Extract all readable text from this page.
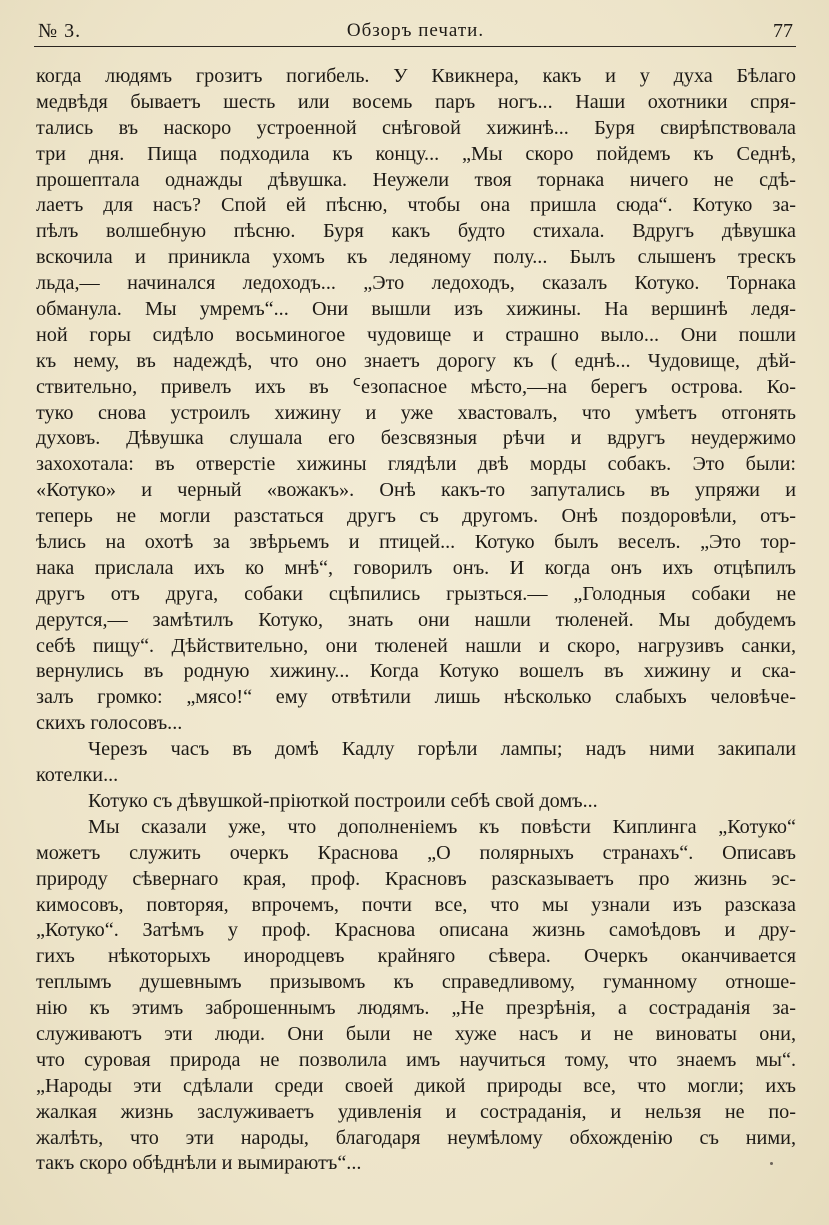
№ 3.	Обзоръ печати.	77
когда людямъ грозитъ погибель. У Квикнера, какъ и у духа Бѣлаго
медвѣдя бываетъ шесть или восемь паръ ногъ... Наши охотники спря-
тались въ наскоро устроенной снѣговой хижинѣ... Буря свирѣпствовала
три дня. Пища подходила къ концу... „Мы скоро пойдемъ къ Седнѣ,
прошептала однажды дѣвушка. Неужели твоя торнака ничего не сдѣ-
лаетъ для насъ? Спой ей пѣсню, чтобы она пришла сюда“. Котуко за-
пѣлъ волшебную пѣсню. Буря какъ будто стихала. Вдругъ дѣвушка
вскочила и приникла ухомъ къ ледяному полу... Былъ слышенъ трескъ
льда,— начинался ледоходъ... „Это ледоходъ, сказалъ Котуко. Торнака
обманула. Мы умремъ“... Они вышли изъ хижины. На вершинѣ ледя-
ной горы сидѣло восьминогое чудовище и страшно выло... Они пошли
къ нему, въ надеждѣ, что оно знаетъ дорогу къ ( еднѣ... Чудовище, дѣй-
ствительно, привелъ ихъ въ ᑦезопасное мѣсто,—на берегъ острова. Ко-
туко снова устроилъ хижину и уже хвастовалъ, что умѣетъ отгонять
духовъ. Дѣвушка слушала его безсвязныя рѣчи и вдругъ неудержимо
захохотала: въ отверстіе хижины глядѣли двѣ морды собакъ. Это были:
«Котуко» и черный «вожакъ». Онѣ какъ-то запутались въ упряжи и
теперь не могли разстаться другъ съ другомъ. Онѣ поздоровѣли, отъ-
ѣлись на охотѣ за звѣрьемъ и птицей... Котуко былъ веселъ. „Это тор-
нака прислала ихъ ко мнѣ“, говорилъ онъ. И когда онъ ихъ отцѣпилъ
другъ отъ друга, собаки сцѣпились грызться.— „Голодныя собаки не
дерутся,— замѣтилъ Котуко, знать они нашли тюленей. Мы добудемъ
себѣ пищу“. Дѣйствительно, они тюленей нашли и скоро, нагрузивъ санки,
вернулись въ родную хижину... Когда Котуко вошелъ въ хижину и ска-
залъ громко: „мясо!“ ему отвѣтили лишь нѣсколько слабыхъ человѣче-
скихъ голосовъ...
Черезъ часъ въ домѣ Кадлу горѣли лампы; надъ ними закипали
котелки...
Котуко съ дѣвушкой-пріюткой построили себѣ свой домъ...
Мы сказали уже, что дополненіемъ къ повѣсти Киплинга „Котуко“
можетъ служить очеркъ Краснова „О полярныхъ странахъ“. Описавъ
природу сѣвернаго края, проф. Красновъ разсказываетъ про жизнь эс-
кимосовъ, повторяя, впрочемъ, почти все, что мы узнали изъ разсказа
„Котуко“. Затѣмъ у проф. Краснова описана жизнь самоѣдовъ и дру-
гихъ нѣкоторыхъ инородцевъ крайняго сѣвера. Очеркъ оканчивается
теплымъ душевнымъ призывомъ къ справедливому, гуманному отноше-
нію къ этимъ заброшеннымъ людямъ. „Не презрѣнія, а состраданія за-
служиваютъ эти люди. Они были не хуже насъ и не виноваты они,
что суровая природа не позволила имъ научиться тому, что знаемъ мы“.
„Народы эти сдѣлали среди своей дикой природы все, что могли; ихъ
жалкая жизнь заслуживаетъ удивленія и состраданія, и нельзя не по-
жалѣть, что эти народы, благодаря неумѣлому обхожденію съ ними,
такъ скоро обѣднѣли и вымираютъ“...
